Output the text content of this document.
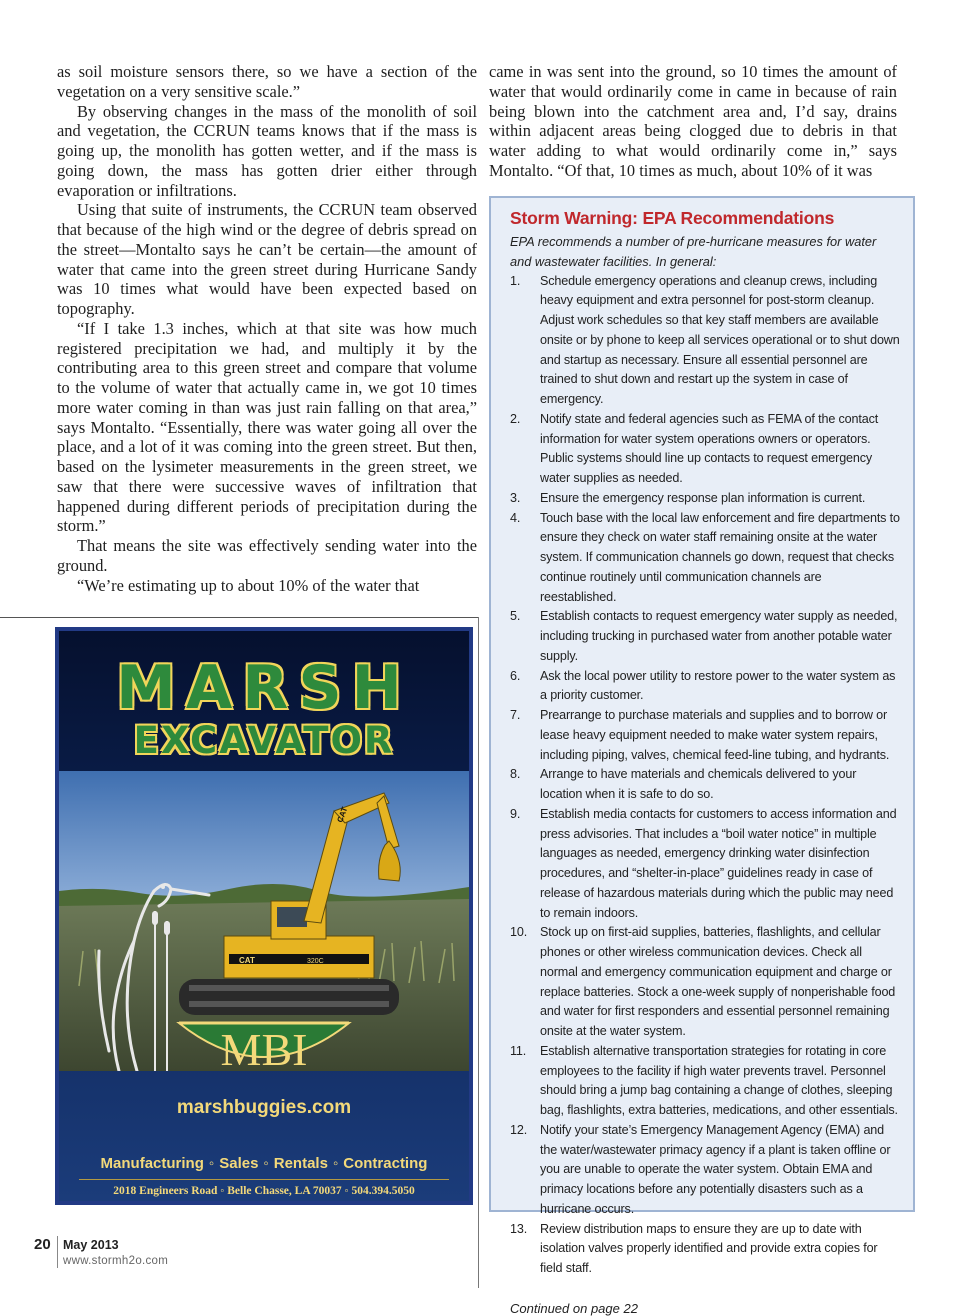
as soil moisture sensors there, so we have a section of the vegetation on a very sensitive scale.”

By observing changes in the mass of the monolith of soil and vegetation, the CCRUN teams knows that if the mass is going up, the monolith has gotten wetter, and if the mass is going down, the mass has gotten drier either through evaporation or infiltrations.

Using that suite of instruments, the CCRUN team observed that because of the high wind or the degree of debris spread on the street—Montalto says he can’t be certain—the amount of water that came into the green street during Hurricane Sandy was 10 times what would have been expected based on topography.

“If I take 1.3 inches, which at that site was how much registered precipitation we had, and multiply it by the contributing area to this green street and compare that volume to the volume of water that actually came in, we got 10 times more water coming in than was just rain falling on that area,” says Montalto. “Essentially, there was water going all over the place, and a lot of it was coming into the green street. But then, based on the lysimeter measurements in the green street, we saw that there were successive waves of infiltration that happened during different periods of precipitation during the storm.”

That means the site was effectively sending water into the ground.

“We’re estimating up to about 10% of the water that

came in was sent into the ground, so 10 times the amount of water that would ordinarily come in came in because of rain being blown into the catchment area and, I’d say, drains within adjacent areas being clogged due to debris in that water adding to what would ordinarily come in,” says Montalto. “Of that, 10 times as much, about 10% of it was

Storm Warning: EPA Recommendations

EPA recommends a number of pre-hurricane measures for water and wastewater facilities. In general:

1. Schedule emergency operations and cleanup crews, including heavy equipment and extra personnel for post-storm cleanup. Adjust work schedules so that key staff members are available onsite or by phone to keep all services operational or to shut down and startup as necessary. Ensure all essential personnel are trained to shut down and restart up the system in case of emergency.
2. Notify state and federal agencies such as FEMA of the contact information for water system operations owners or operators. Public systems should line up contacts to request emergency water supplies as needed.
3. Ensure the emergency response plan information is current.
4. Touch base with the local law enforcement and fire departments to ensure they check on water staff remaining onsite at the water system. If communication channels go down, request that checks continue routinely until communication channels are reestablished.
5. Establish contacts to request emergency water supply as needed, including trucking in purchased water from another potable water supply.
6. Ask the local power utility to restore power to the water system as a priority customer.
7. Prearrange to purchase materials and supplies and to borrow or lease heavy equipment needed to make water system repairs, including piping, valves, chemical feed-line tubing, and hydrants.
8. Arrange to have materials and chemicals delivered to your location when it is safe to do so.
9. Establish media contacts for customers to access information and press advisories. That includes a “boil water notice” in multiple languages as needed, emergency drinking water disinfection procedures, and “shelter-in-place” guidelines ready in case of release of hazardous materials during which the public may need to remain indoors.
10. Stock up on first-aid supplies, batteries, flashlights, and cellular phones or other wireless communication devices. Check all normal and emergency communication equipment and charge or replace batteries. Stock a one-week supply of nonperishable food and water for first responders and essential personnel remaining onsite at the water system.
11. Establish alternative transportation strategies for rotating in core employees to the facility if high water prevents travel. Personnel should bring a jump bag containing a change of clothes, sleeping bag, flashlights, extra batteries, medications, and other essentials.
12. Notify your state’s Emergency Management Agency (EMA) and the water/wastewater primacy agency if a plant is taken offline or you are unable to operate the water system. Obtain EMA and primacy locations before any potentially disasters such as a hurricane occurs.
13. Review distribution maps to ensure they are up to date with isolation valves properly identified and provide extra copies for field staff.
Continued on page 22
MARSH
EXCAVATOR
CAT	320C
CAT
MBI
marshbuggies.com
Manufacturing ◦ Sales ◦ Rentals ◦ Contracting
2018 Engineers Road ◦ Belle Chasse, LA 70037 ◦ 504.394.5050
20 May 2013
www.stormh2o.com
